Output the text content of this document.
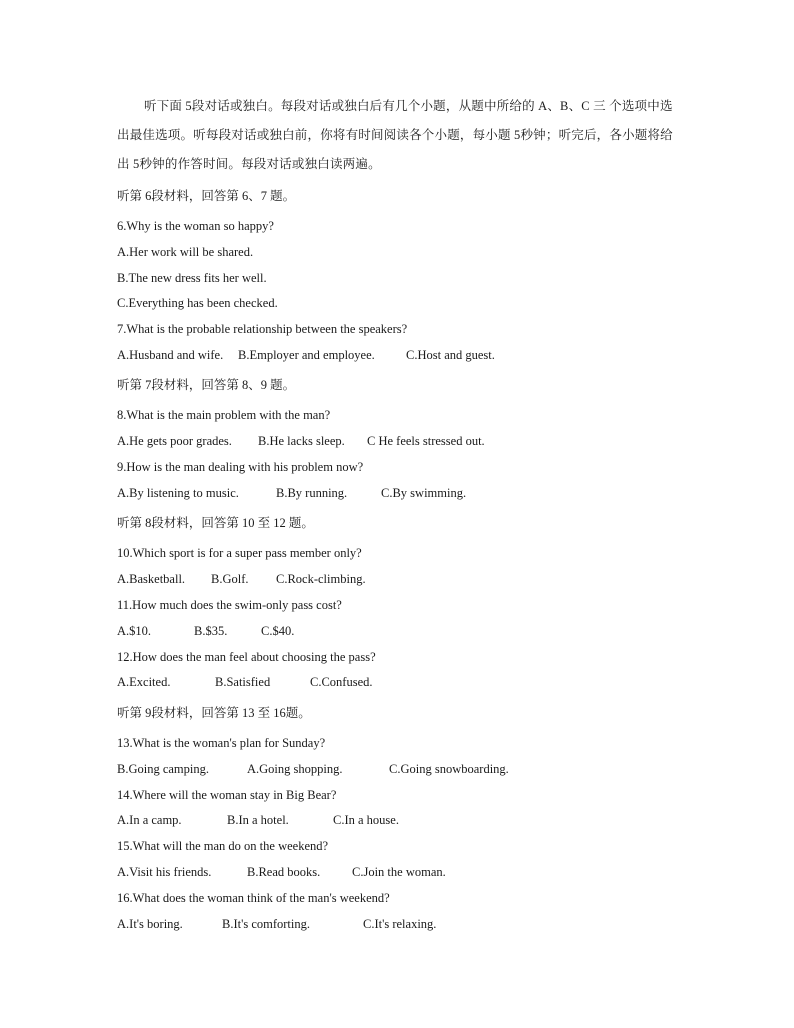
听下面 5段对话或独白。每段对话或独白后有几个小题，从题中所给的 A、B、C 三 个选项中选出最佳选项。听每段对话或独白前，你将有时间阅读各个小题，每小题 5秒钟；听完后，各小题将给出 5秒钟的作答时间。每段对话或独白读两遍。
听第 6段材料，回答第 6、7 题。
6.Why is the woman so happy?
A.Her work will be shared.
B.The new dress fits her well.
C.Everything has been checked.
7.What is the probable relationship between the speakers?
A.Husband and wife. B.Employer and employee. C.Host and guest.
听第 7段材料，回答第 8、9 题。
8.What is the main problem with the man?
A.He gets poor grades. B.He lacks sleep. C He feels stressed out.
9.How is the man dealing with his problem now?
A.By listening to music.	B.By running.	C.By swimming.
听第 8段材料，回答第 10 至 12 题。
10.Which sport is for a super pass member only?
A.Basketball. B.Golf. C.Rock-climbing.
11.How much does the swim-only pass cost?
A.$10.	B.$35.	C.$40.
12.How does the man feel about choosing the pass?
A.Excited.	B.Satisfied	C.Confused.
听第 9段材料，回答第 13 至 16题。
13.What is the woman's plan for Sunday?
B.Going camping.	A.Going shopping.	C.Going snowboarding.
14.Where will the woman stay in Big Bear?
A.In a camp.	B.In a hotel.	C.In a house.
15.What will the man do on the weekend?
A.Visit his friends.	B.Read books.	C.Join the woman.
16.What does the woman think of the man's weekend?
A.It's boring.	B.It's comforting.	C.It's relaxing.
